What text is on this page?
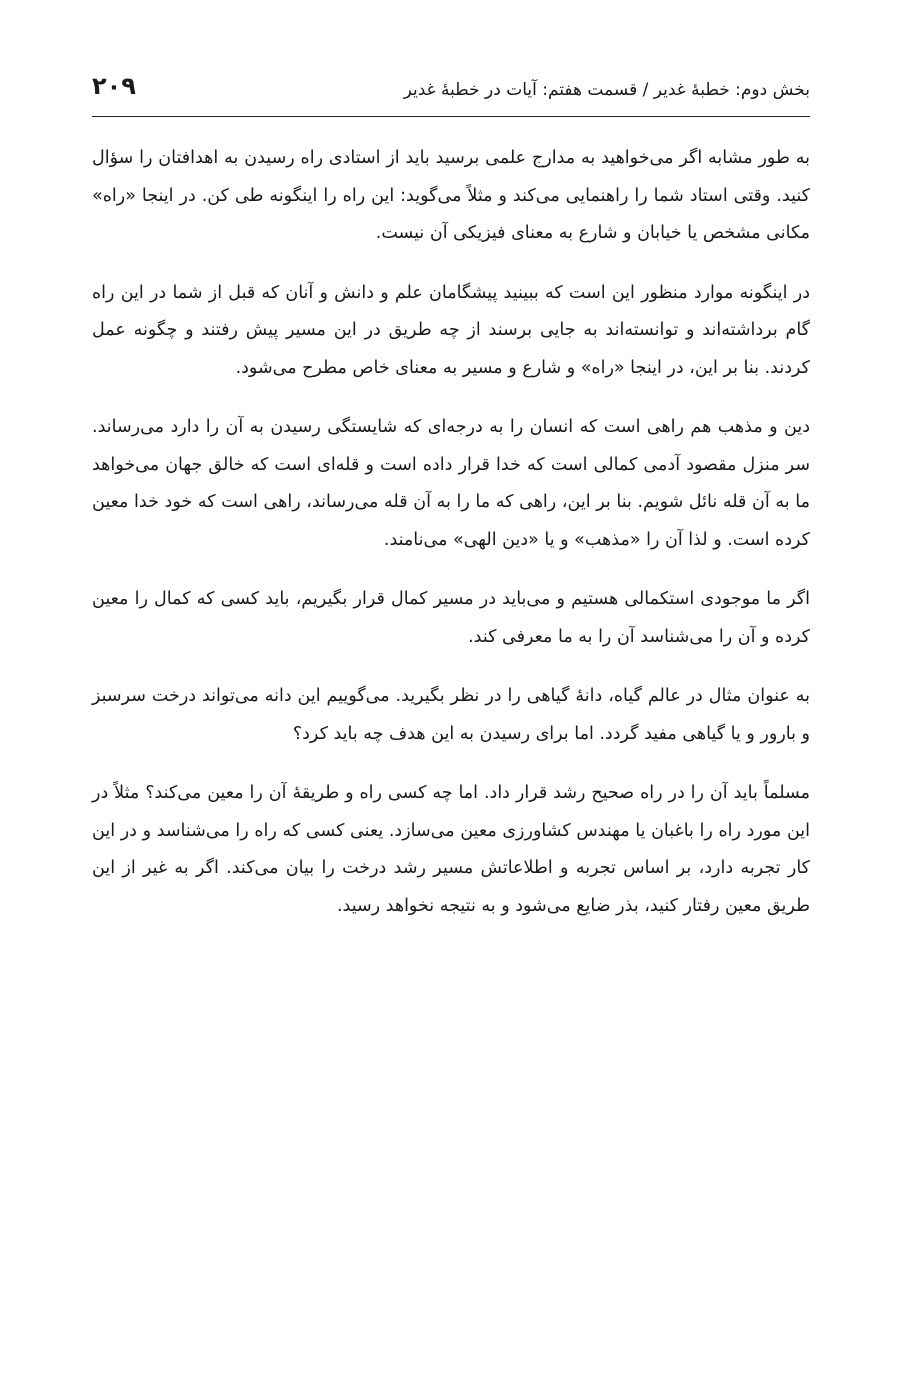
بخش دوم: خطبهٔ غدیر / قسمت هفتم: آیات در خطبهٔ غدیر
۲۰۹

به طور مشابه اگر می‌خواهید به مدارج علمی برسید باید از استادی راه رسیدن به اهدافتان را سؤال کنید. وقتی استاد شما را راهنمایی می‌کند و مثلاً می‌گوید: این راه را اینگونه طی کن. در اینجا «راه» مکانی مشخص یا خیابان و شارع به معنای فیزیکی آن نیست.

در اینگونه موارد منظور این است که ببینید پیشگامان علم و دانش و آنان که قبل از شما در این راه گام برداشته‌اند و توانسته‌اند به جایی برسند از چه طریق در این مسیر پیش رفتند و چگونه عمل کردند. بنا بر این، در اینجا «راه» و شارع و مسیر به معنای خاص مطرح می‌شود.

دین و مذهب هم راهی است که انسان را به درجه‌ای که شایستگی رسیدن به آن را دارد می‌رساند. سر منزل مقصود آدمی کمالی است که خدا قرار داده است و قله‌ای است که خالق جهان می‌خواهد ما به آن قله نائل شویم. بنا بر این، راهی که ما را به آن قله می‌رساند، راهی است که خود خدا معین کرده است. و لذا آن را «مذهب» و یا «دین الهی» می‌نامند.

اگر ما موجودی استکمالی هستیم و می‌باید در مسیر کمال قرار بگیریم، باید کسی که کمال را معین کرده و آن را می‌شناسد آن را به ما معرفی کند.

به عنوان مثال در عالم گیاه، دانهٔ گیاهی را در نظر بگیرید. می‌گوییم این دانه می‌تواند درخت سرسبز و بارور و یا گیاهی مفید گردد. اما برای رسیدن به این هدف چه باید کرد؟

مسلماً باید آن را در راه صحیح رشد قرار داد. اما چه کسی راه و طریقهٔ آن را معین می‌کند؟ مثلاً در این مورد راه را باغبان یا مهندس کشاورزی معین می‌سازد. یعنی کسی که راه را می‌شناسد و در این کار تجربه دارد، بر اساس تجربه و اطلاعاتش مسیر رشد درخت را بیان می‌کند. اگر به غیر از این طریق معین رفتار کنید، بذر ضایع می‌شود و به نتیجه نخواهد رسید.
